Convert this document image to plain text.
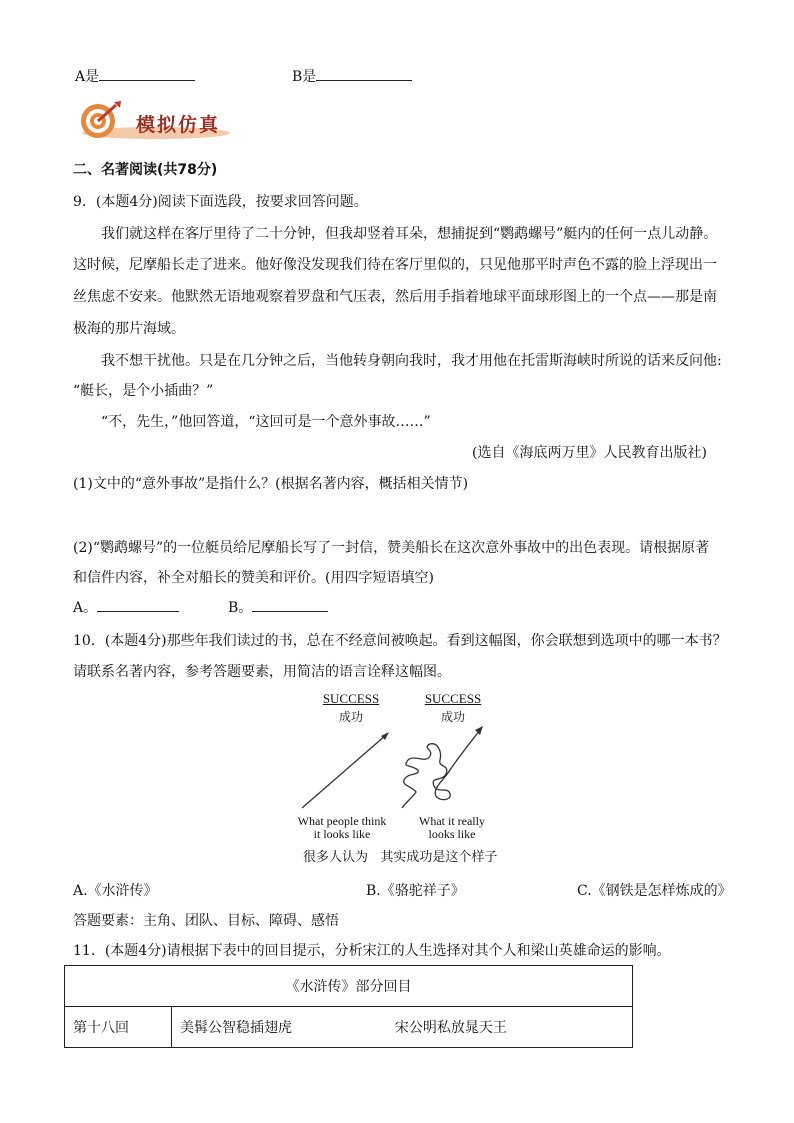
A是	B是
模拟仿真
二、名著阅读(共78分)
9．(本题4分)阅读下面选段，按要求回答问题。
我们就这样在客厅里待了二十分钟，但我却竖着耳朵，想捕捉到“鹦鹉螺号”艇内的任何一点儿动静。
这时候，尼摩船长走了进来。他好像没发现我们待在客厅里似的，只见他那平时声色不露的脸上浮现出一
丝焦虑不安来。他默然无语地观察着罗盘和气压表，然后用手指着地球平面球形图上的一个点——那是南
极海的那片海域。
我不想干扰他。只是在几分钟之后，当他转身朝向我时，我才用他在托雷斯海峡时所说的话来反问他:
“艇长，是个小插曲？”
“不，先生，”他回答道，“这回可是一个意外事故……”
(选自《海底两万里》人民教育出版社)
(1)文中的“意外事故”是指什么？(根据名著内容，概括相关情节)
(2)“鹦鹉螺号”的一位艇员给尼摩船长写了一封信，赞美船长在这次意外事故中的出色表现。请根据原著
和信件内容，补全对船长的赞美和评价。(用四字短语填空)
A。	B。
10．(本题4分)那些年我们读过的书，总在不经意间被唤起。看到这幅图，你会联想到选项中的哪一本书？
请联系名著内容，参考答题要素，用简洁的语言诠释这幅图。
SUCCESS
成功
SUCCESS
成功
What people think
it looks like
What it really
looks like
很多人认为   其实成功是这个样子
A.《水浒传》	B.《骆驼祥子》	C.《钢铁是怎样炼成的》
答题要素：主角、团队、目标、障碍、感悟
11．(本题4分)请根据下表中的回目提示，分析宋江的人生选择对其个人和梁山英雄命运的影响。
《水浒传》部分回目
第十八回	美髯公智稳插翅虎	宋公明私放晁天王
